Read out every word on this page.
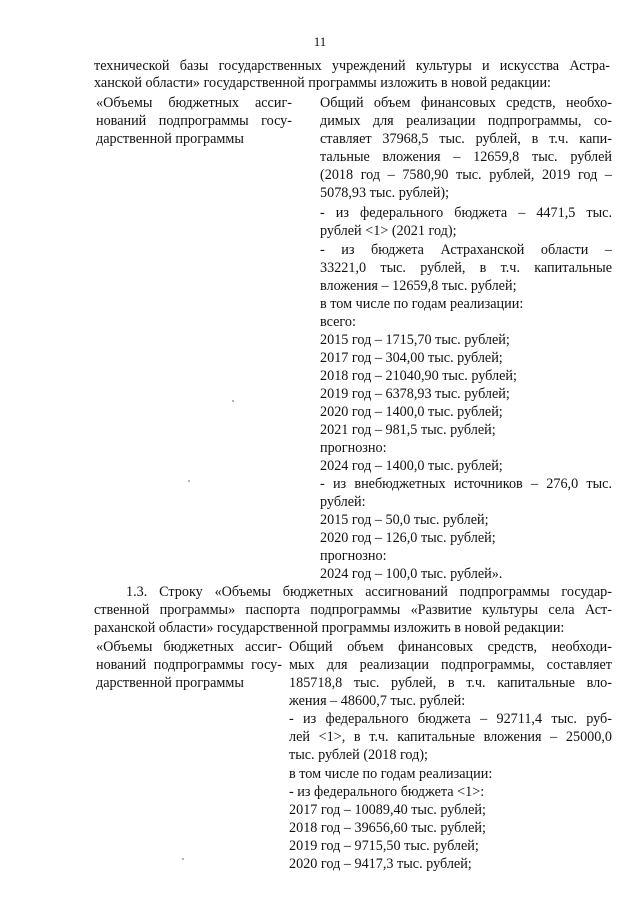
11
технической базы государственных учреждений культуры и искусства Астра-
ханской области» государственной программы изложить в новой редакции:
«Объемы бюджетных ассиг-
нований подпрограммы госу-
дарственной программы
Общий объем финансовых средств, необхо-
димых для реализации подпрограммы, со-
ставляет 37968,5 тыс. рублей, в т.ч. капи-
тальные вложения – 12659,8 тыс. рублей
(2018 год – 7580,90 тыс. рублей, 2019 год –
5078,93 тыс. рублей);
- из федерального бюджета – 4471,5 тыс.
рублей <1> (2021 год);
- из бюджета Астраханской области –
33221,0 тыс. рублей, в т.ч. капитальные
вложения – 12659,8 тыс. рублей;
в том числе по годам реализации:
всего:
2015 год – 1715,70 тыс. рублей;
2017 год – 304,00 тыс. рублей;
2018 год – 21040,90 тыс. рублей;
2019 год – 6378,93 тыс. рублей;
2020 год – 1400,0 тыс. рублей;
2021 год – 981,5 тыс. рублей;
прогнозно:
2024 год – 1400,0 тыс. рублей;
- из внебюджетных источников – 276,0 тыс.
рублей:
2015 год – 50,0 тыс. рублей;
2020 год – 126,0 тыс. рублей;
прогнозно:
2024 год – 100,0 тыс. рублей».
1.3. Строку «Объемы бюджетных ассигнований подпрограммы государ-
ственной программы» паспорта подпрограммы «Развитие культуры села Аст-
раханской области» государственной программы изложить в новой редакции:
«Объемы бюджетных ассиг-
нований подпрограммы госу-
дарственной программы
Общий объем финансовых средств, необходи-
мых для реализации подпрограммы, составляет
185718,8 тыс. рублей, в т.ч. капитальные вло-
жения – 48600,7 тыс. рублей:
- из федерального бюджета – 92711,4 тыс. руб-
лей <1>, в т.ч. капитальные вложения – 25000,0
тыс. рублей (2018 год);
в том числе по годам реализации:
- из федерального бюджета <1>:
2017 год – 10089,40 тыс. рублей;
2018 год – 39656,60 тыс. рублей;
2019 год – 9715,50 тыс. рублей;
2020 год – 9417,3 тыс. рублей;
